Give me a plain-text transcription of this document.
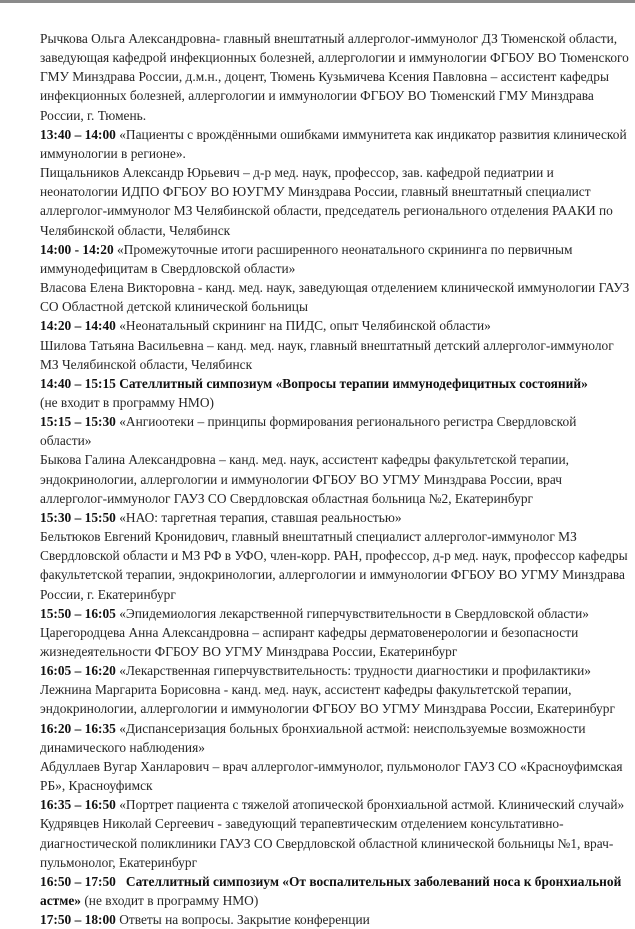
Рычкова Ольга Александровна- главный внештатный аллерголог-иммунолог ДЗ Тюменской области, заведующая кафедрой инфекционных болезней, аллергологии и иммунологии ФГБОУ ВО Тюменского ГМУ Минздрава России, д.м.н., доцент, Тюмень Кузьмичева Ксения Павловна – ассистент кафедры инфекционных болезней, аллергологии и иммунологии ФГБОУ ВО Тюменский ГМУ Минздрава России, г. Тюмень.

13:40 – 14:00 «Пациенты с врождёнными ошибками иммунитета как индикатор развития клинической иммунологии в регионе».

Пищальников Александр Юрьевич – д-р мед. наук, профессор, зав. кафедрой педиатрии и неонатологии ИДПО ФГБОУ ВО ЮУГМУ Минздрава России, главный внештатный специалист аллерголог-иммунолог МЗ Челябинской области, председатель регионального отделения РААКИ по Челябинской области, Челябинск

14:00 - 14:20 «Промежуточные итоги расширенного неонатального скрининга по первичным иммунодефицитам в Свердловской области»

Власова Елена Викторовна - канд. мед. наук, заведующая отделением клинической иммунологии ГАУЗ СО Областной детской клинической больницы

14:20 – 14:40 «Неонатальный скрининг на ПИДС, опыт Челябинской области»

Шилова Татьяна Васильевна – канд. мед. наук, главный внештатный детский аллерголог-иммунолог МЗ Челябинской области, Челябинск

14:40 – 15:15 Сателлитный симпозиум «Вопросы терапии иммунодефицитных состояний»

(не входит в программу НМО)

15:15 – 15:30 «Ангиоотеки – принципы формирования регионального регистра Свердловской области»

Быкова Галина Александровна – канд. мед. наук, ассистент кафедры факультетской терапии, эндокринологии, аллергологии и иммунологии ФГБОУ ВО УГМУ Минздрава России, врач аллерголог-иммунолог ГАУЗ СО Свердловская областная больница №2, Екатеринбург

15:30 – 15:50 «НАО: таргетная терапия, ставшая реальностью»

Бельтюков Евгений Кронидович, главный внештатный специалист аллерголог-иммунолог МЗ Свердловской области и МЗ РФ в УФО, член-корр. РАН, профессор, д-р мед. наук, профессор кафедры факультетской терапии, эндокринологии, аллергологии и иммунологии ФГБОУ ВО УГМУ Минздрава России, г. Екатеринбург

15:50 – 16:05 «Эпидемиология лекарственной гиперчувствительности в Свердловской области»

Царегородцева Анна Александровна – аспирант кафедры дерматовенерологии и безопасности жизнедеятельности ФГБОУ ВО УГМУ Минздрава России, Екатеринбург

16:05 – 16:20 «Лекарственная гиперчувствительность: трудности диагностики и профилактики»

Лежнина Маргарита Борисовна - канд. мед. наук, ассистент кафедры факультетской терапии, эндокринологии, аллергологии и иммунологии ФГБОУ ВО УГМУ Минздрава России, Екатеринбург

16:20 – 16:35 «Диспансеризация больных бронхиальной астмой: неиспользуемые возможности динамического наблюдения»

Абдуллаев Вугар Ханларович – врач аллерголог-иммунолог, пульмонолог ГАУЗ СО «Красноуфимская РБ», Красноуфимск

16:35 – 16:50 «Портрет пациента с тяжелой атопической бронхиальной астмой. Клинический случай»

Кудрявцев Николай Сергеевич - заведующий терапевтическим отделением консультативно-диагностической поликлиники ГАУЗ СО Свердловской областной клинической больницы №1, врач-пульмонолог, Екатеринбург

16:50 – 17:50   Сателлитный симпозиум «От воспалительных заболеваний носа к бронхиальной астме» (не входит в программу НМО)

17:50 – 18:00 Ответы на вопросы. Закрытие конференции
